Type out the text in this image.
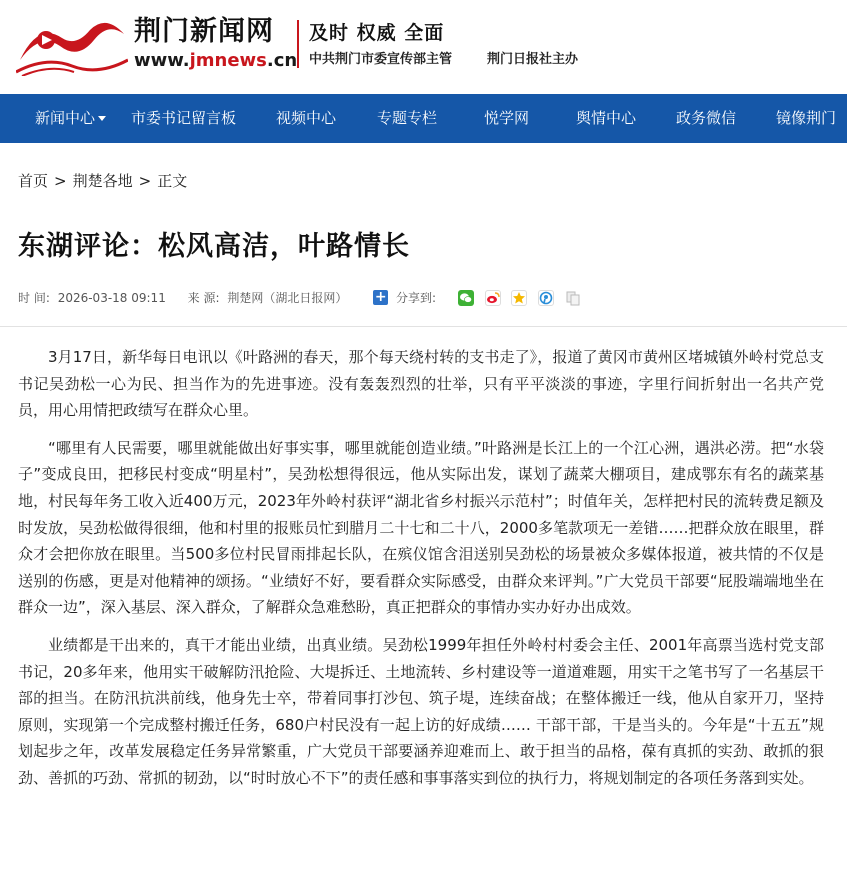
荆门新闻网
www.jmnews.cn
及时 权威 全面
中共荆门市委宣传部主管	荆门日报社主办
新闻中心	市委书记留言板	视频中心	专题专栏	悦学网	舆情中心	政务微信	镜像荆门
首页 > 荆楚各地 > 正文
东湖评论：松风高洁，叶路情长
时 间: 2026-03-18 09:11 来 源: 荆楚网（湖北日报网） + 分享到:

3月17日，新华每日电讯以《叶路洲的春天，那个每天绕村转的支书走了》，报道了黄冈市黄州区堵城镇外岭村党总支书记吴劲松一心为民、担当作为的先进事迹。没有轰轰烈烈的壮举，只有平平淡淡的事迹，字里行间折射出一名共产党员，用心用情把政绩写在群众心里。

“哪里有人民需要，哪里就能做出好事实事，哪里就能创造业绩。”叶路洲是长江上的一个江心洲，遇洪必涝。把“水袋子”变成良田，把移民村变成“明星村”，吴劲松想得很远，他从实际出发，谋划了蔬菜大棚项目，建成鄂东有名的蔬菜基地，村民每年务工收入近400万元，2023年外岭村获评“湖北省乡村振兴示范村”；时值年关，怎样把村民的流转费足额及时发放，吴劲松做得很细，他和村里的报账员忙到腊月二十七和二十八，2000多笔款项无一差错……把群众放在眼里，群众才会把你放在眼里。当500多位村民冒雨排起长队，在殡仪馆含泪送别吴劲松的场景被众多媒体报道，被共情的不仅是送别的伤感，更是对他精神的颂扬。“业绩好不好，要看群众实际感受，由群众来评判。”广大党员干部要“屁股端端地坐在群众一边”，深入基层、深入群众，了解群众急难愁盼，真正把群众的事情办实办好办出成效。

业绩都是干出来的，真干才能出业绩，出真业绩。吴劲松1999年担任外岭村村委会主任、2001年高票当选村党支部书记，20多年来，他用实干破解防汛抢险、大堤拆迁、土地流转、乡村建设等一道道难题，用实干之笔书写了一名基层干部的担当。在防汛抗洪前线，他身先士卒，带着同事打沙包、筑子堤，连续奋战；在整体搬迁一线，他从自家开刀，坚持原则，实现第一个完成整村搬迁任务，680户村民没有一起上访的好成绩…… 干部干部，干是当头的。今年是“十五五”规划起步之年，改革发展稳定任务异常繁重，广大党员干部要涵养迎难而上、敢于担当的品格，葆有真抓的实劲、敢抓的狠劲、善抓的巧劲、常抓的韧劲，以“时时放心不下”的责任感和事事落实到位的执行力，将规划制定的各项任务落到实处。
